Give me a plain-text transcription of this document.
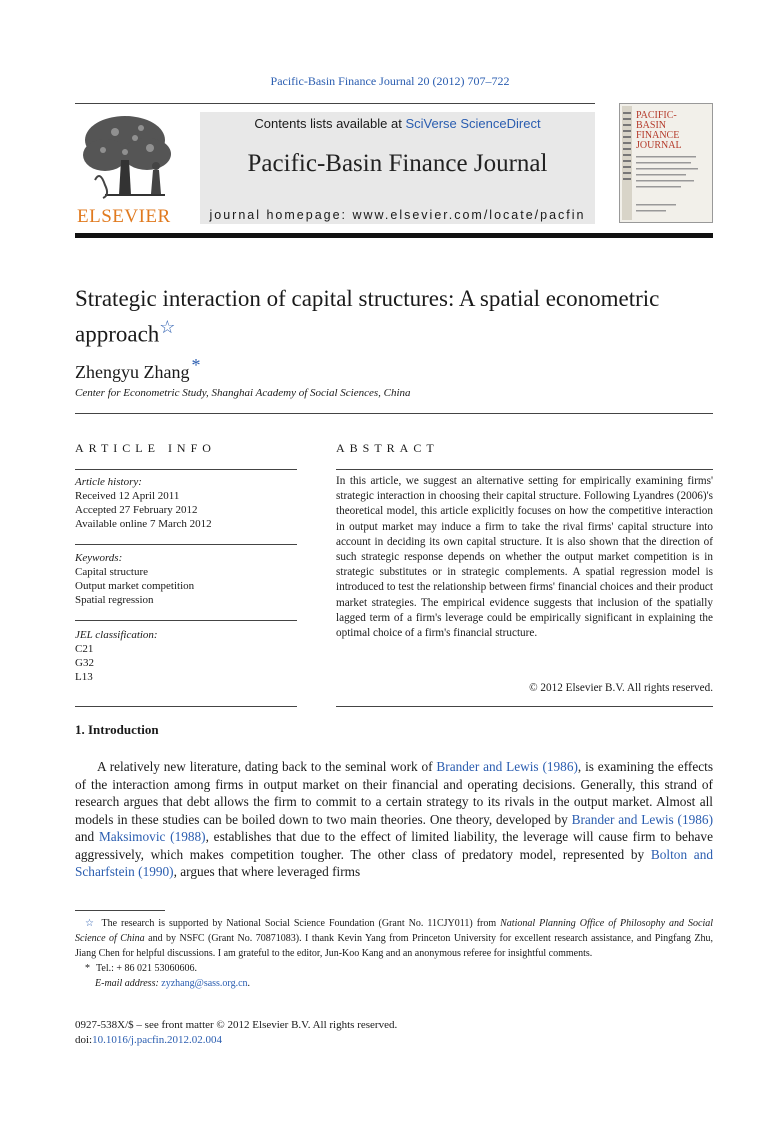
Pacific-Basin Finance Journal 20 (2012) 707–722
ELSEVIER
Contents lists available at SciVerse ScienceDirect
Pacific-Basin Finance Journal
journal homepage: www.elsevier.com/locate/pacfin
PACIFIC-
BASIN
FINANCE
JOURNAL
Strategic interaction of capital structures: A spatial econometric approach☆
Zhengyu Zhang *
Center for Econometric Study, Shanghai Academy of Social Sciences, China
ARTICLE INFO	ABSTRACT
Article history:
Received 12 April 2011
Accepted 27 February 2012
Available online 7 March 2012
Keywords:
Capital structure
Output market competition
Spatial regression
JEL classification:
C21
G32
L13
In this article, we suggest an alternative setting for empirically examining firms' strategic interaction in choosing their capital structure. Following Lyandres (2006)'s theoretical model, this article explicitly focuses on how the competitive interaction in output market may induce a firm to take the rival firms' capital structure into account in deciding its own capital structure. It is also shown that the direction of such strategic response depends on whether the output market competition is in strategic substitutes or in strategic complements. A spatial regression model is introduced to test the relationship between firms' financial choices and their product market strategies. The empirical evidence suggests that inclusion of the spatially lagged term of a firm's leverage could be empirically significant in explaining the optimal choice of a firm's financial structure.
© 2012 Elsevier B.V. All rights reserved.
1. Introduction
A relatively new literature, dating back to the seminal work of Brander and Lewis (1986), is examining the effects of the interaction among firms in output market on their financial and operating decisions. Generally, this strand of research argues that debt allows the firm to commit to a certain strategy to its rivals in the output market. Almost all models in these studies can be boiled down to two main theories. One theory, developed by Brander and Lewis (1986) and Maksimovic (1988), establishes that due to the effect of limited liability, the leverage will cause firm to behave aggressively, which makes competition tougher. The other class of predatory model, represented by Bolton and Scharfstein (1990), argues that where leveraged firms

☆ The research is supported by National Social Science Foundation (Grant No. 11CJY011) from National Planning Office of Philosophy and Social Science of China and by NSFC (Grant No. 70871083). I thank Kevin Yang from Princeton University for excellent research assistance, and Pingfang Zhu, Jiang Chen for helpful discussions. I am grateful to the editor, Jun-Koo Kang and an anonymous referee for insightful comments.

* Tel.: + 86 021 53060606.

E-mail address: zyzhang@sass.org.cn.

0927-538X/$ – see front matter © 2012 Elsevier B.V. All rights reserved.
doi:10.1016/j.pacfin.2012.02.004
